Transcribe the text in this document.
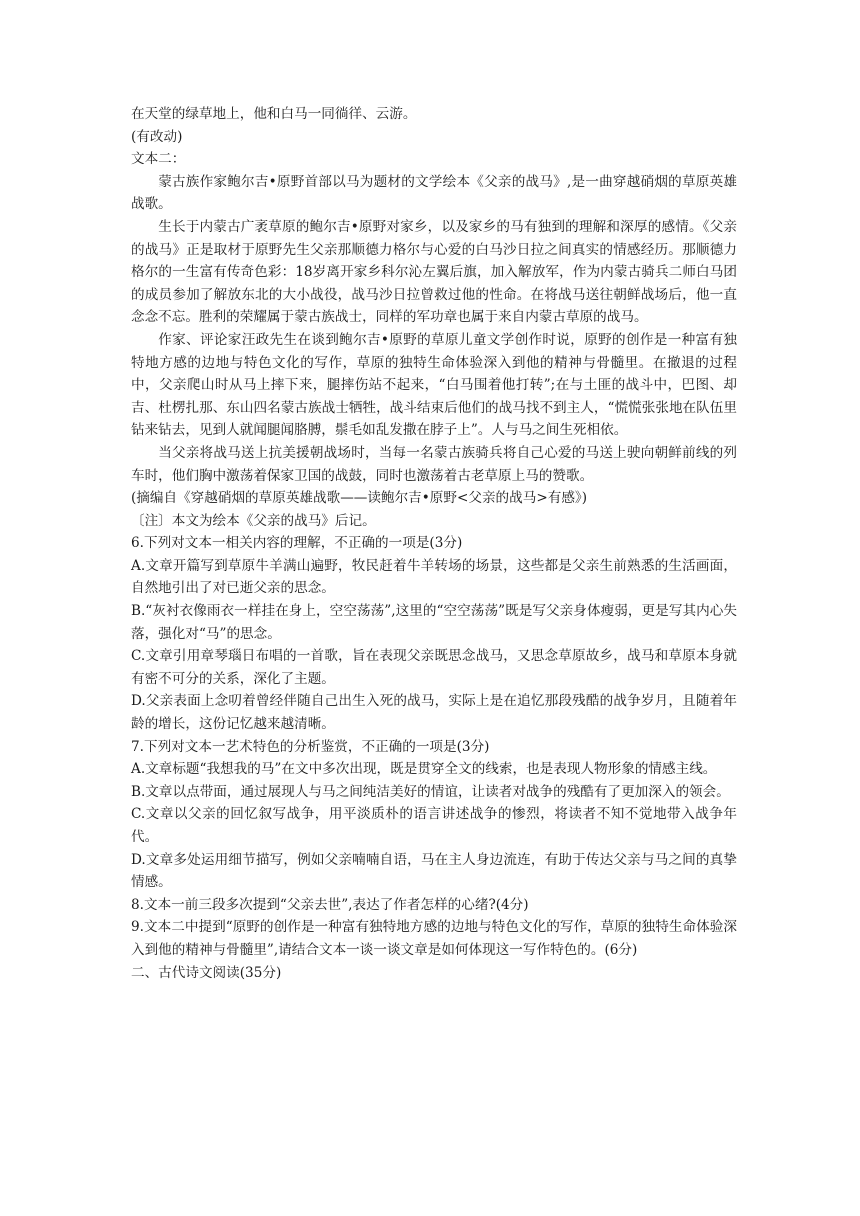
在天堂的绿草地上，他和白马一同徜徉、云游。

(有改动)

文本二：

蒙古族作家鲍尔吉•原野首部以马为题材的文学绘本《父亲的战马》,是一曲穿越硝烟的草原英雄战歌。

生长于内蒙古广袤草原的鲍尔吉•原野对家乡，以及家乡的马有独到的理解和深厚的感情。《父亲的战马》正是取材于原野先生父亲那顺德力格尔与心爱的白马沙日拉之间真实的情感经历。那顺德力格尔的一生富有传奇色彩：18岁离开家乡科尔沁左翼后旗，加入解放军，作为内蒙古骑兵二师白马团的成员参加了解放东北的大小战役，战马沙日拉曾救过他的性命。在将战马送往朝鲜战场后，他一直念念不忘。胜利的荣耀属于蒙古族战士，同样的军功章也属于来自内蒙古草原的战马。

作家、评论家汪政先生在谈到鲍尔吉•原野的草原儿童文学创作时说，原野的创作是一种富有独特地方感的边地与特色文化的写作，草原的独特生命体验深入到他的精神与骨髓里。在撤退的过程中，父亲爬山时从马上摔下来，腿摔伤站不起来，“白马围着他打转”;在与土匪的战斗中，巴图、却吉、杜楞扎那、东山四名蒙古族战士牺牲，战斗结束后他们的战马找不到主人，“慌慌张张地在队伍里钻来钻去，见到人就闻腿闻胳膊，鬃毛如乱发撒在脖子上”。人与马之间生死相依。

当父亲将战马送上抗美援朝战场时，当每一名蒙古族骑兵将自己心爱的马送上驶向朝鲜前线的列车时，他们胸中激荡着保家卫国的战鼓，同时也激荡着古老草原上马的赞歌。

(摘编自《穿越硝烟的草原英雄战歌——读鲍尔吉•原野<父亲的战马>有感》)

〔注〕本文为绘本《父亲的战马》后记。

6.下列对文本一相关内容的理解，不正确的一项是(3分)

A.文章开篇写到草原牛羊满山遍野，牧民赶着牛羊转场的场景，这些都是父亲生前熟悉的生活画面，自然地引出了对已逝父亲的思念。

B.“灰衬衣像雨衣一样挂在身上，空空荡荡”,这里的“空空荡荡”既是写父亲身体瘦弱，更是写其内心失落，强化对“马”的思念。

C.文章引用章琴瑙日布唱的一首歌，旨在表现父亲既思念战马，又思念草原故乡，战马和草原本身就有密不可分的关系，深化了主题。

D.父亲表面上念叨着曾经伴随自己出生入死的战马，实际上是在追忆那段残酷的战争岁月，且随着年龄的增长，这份记忆越来越清晰。

7.下列对文本一艺术特色的分析鉴赏，不正确的一项是(3分)

A.文章标题“我想我的马”在文中多次出现，既是贯穿全文的线索，也是表现人物形象的情感主线。

B.文章以点带面，通过展现人与马之间纯洁美好的情谊，让读者对战争的残酷有了更加深入的领会。

C.文章以父亲的回忆叙写战争，用平淡质朴的语言讲述战争的惨烈，将读者不知不觉地带入战争年代。

D.文章多处运用细节描写，例如父亲喃喃自语，马在主人身边流连，有助于传达父亲与马之间的真挚情感。

8.文本一前三段多次提到“父亲去世”,表达了作者怎样的心绪?(4分)

9.文本二中提到“原野的创作是一种富有独特地方感的边地与特色文化的写作，草原的独特生命体验深入到他的精神与骨髓里”,请结合文本一谈一谈文章是如何体现这一写作特色的。(6分)

二、古代诗文阅读(35分)
